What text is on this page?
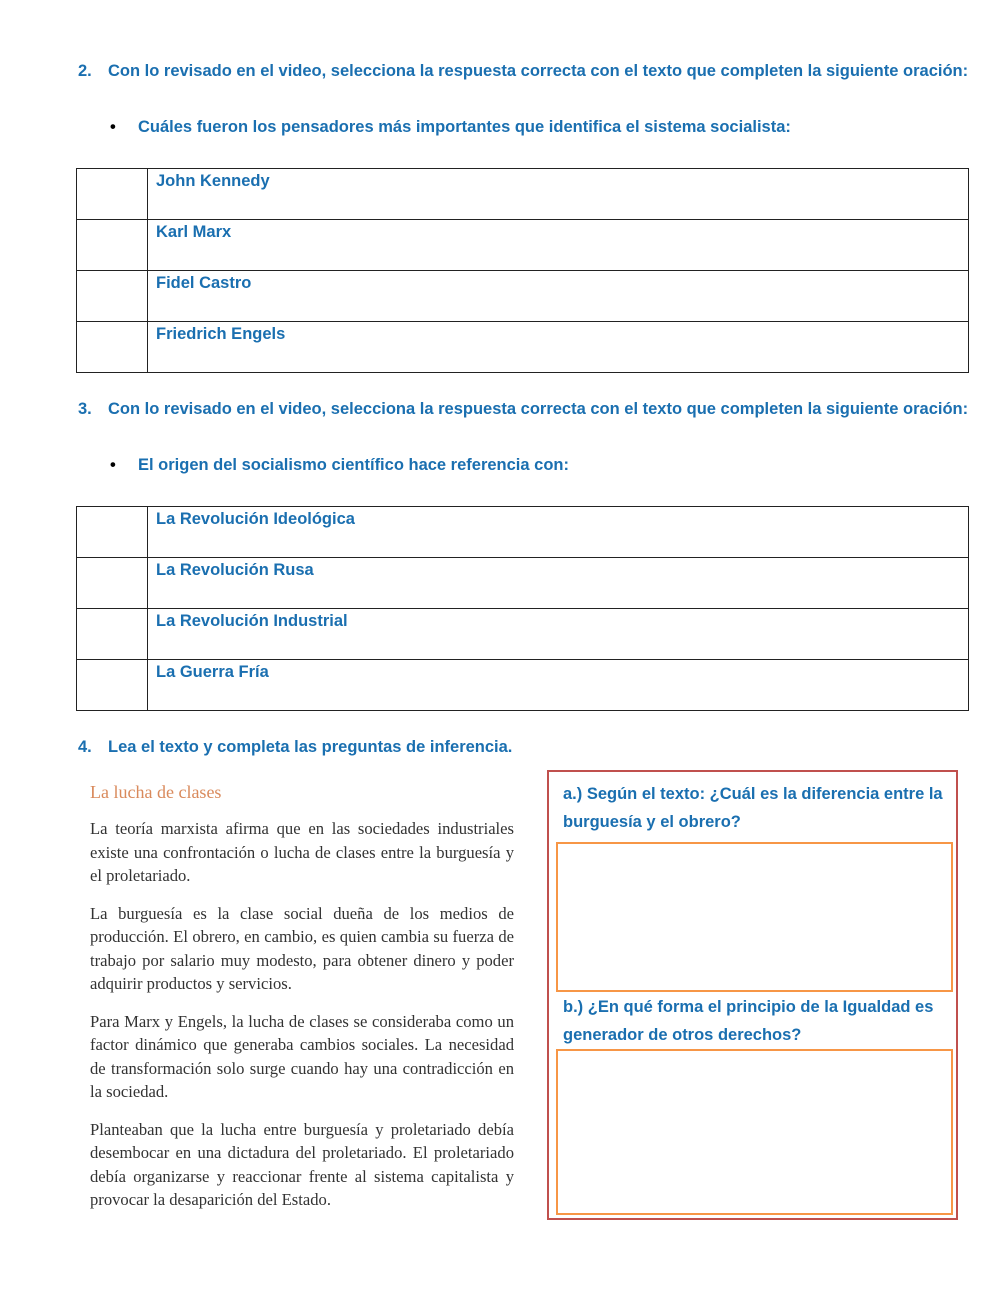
2. Con lo revisado en el video, selecciona la respuesta correcta con el texto que completen la siguiente oración:
• Cuáles fueron los pensadores más importantes que identifica el sistema socialista:
	John Kennedy
	Karl Marx
	Fidel Castro
	Friedrich Engels
3. Con lo revisado en el video, selecciona la respuesta correcta con el texto que completen la siguiente oración:
• El origen del socialismo científico hace referencia con:
	La Revolución Ideológica
	La Revolución Rusa
	La Revolución Industrial
	La Guerra Fría
4. Lea el texto y completa las preguntas de inferencia.
La lucha de clases

La teoría marxista afirma que en las sociedades industriales existe una confrontación o lucha de clases entre la burguesía y el proletariado.

La burguesía es la clase social dueña de los medios de producción. El obrero, en cambio, es quien cambia su fuerza de trabajo por salario muy modesto, para obtener dinero y poder adquirir productos y servicios.

Para Marx y Engels, la lucha de clases se consideraba como un factor dinámico que generaba cambios sociales. La necesidad de transformación solo surge cuando hay una contradicción en la sociedad.

Planteaban que la lucha entre burguesía y proletariado debía desembocar en una dictadura del proletariado. El proletariado debía organizarse y reaccionar frente al sistema capitalista y provocar la desaparición del Estado.

a.) Según el texto: ¿Cuál es la diferencia entre la burguesía y el obrero?
b.) ¿En qué forma el principio de la Igualdad es generador de otros derechos?
